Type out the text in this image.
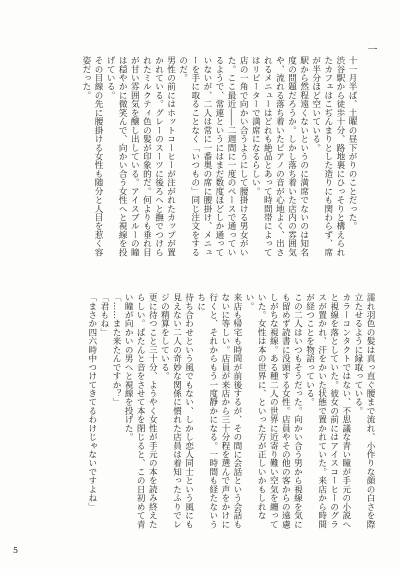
一

十一月半ば、土曜の昼下がりのことだった。

渋谷駅から徒歩十分、路地裏にひっそりと構えられたカフェはこぢんまりとした造りにも関わらず、席が半分ほど空いている。

駅から然程遠くないというのに満席でないのは知名度の問題だろうか。しかし落ち着いた店内の雰囲気や、流れる落ち着いたピアノの音が心地よく、出されるメニューはどれも絶品とあって時間帯によってはリピーターで満席になるらしい。

店の一角で向かい合うようにして腰掛ける男女がいた。ここ最近――二週間に一度のペースで通っているようで、常連というにはまだ数度ほどしか通っていないが、二人は常に一番奥の席に腰掛け、メニューを手に取ることなく「いつもの」同じ注文をするのだ。

男性の前にはホットコーヒーが注がれたカップが置かれている。グレーのスーツに後ろへと撫でつけられたミルクティ色の髪が印象的だ。何よりも垂れ目が甘い雰囲気を醸し出している。アイスブルーの瞳は穏やかに微笑んで、向かい合う女性へと視線を投げている。

その目線の先に腰掛ける女性も随分と人目を惹く容姿だった。

濡れ羽色の髪は真っ直ぐ腰まで流れ、小作りな顔の白さを際立たせるように縁取っている。

カラーコンタクトではない、不思議な青い瞳が手元の小説へと視線を落としていた。彼女の前にはアイスコーヒーのグラスが置かれ、汗をかいた状態で置かれていた。来店から時間が経つことを物語っている。

この二人はいつもそうだった。向かい合う男から視線を気にも留めず読書に没頭する女性。店員やその他の客からの遠慮しがちな視線。ある種二人の世界に近寄り難い空気を纏っていた。女性は本の世界に、といった方が正しいかもしれない。

来店も帰宅も時間が前後するが、その間に会話という会話もないに等しい。店員が来店から三十分程を選んで声をかけに行くと、それからもう一度静かになる。一時間も経たないうちに

待ち合わせという風でもない、しかし恋人同士という風にも見えない二人の奇妙な関係に慣れた店員は着知ったふりでレジの精算をしている。

更に待つこと三十分、ようやく女性が手元の本を読み終えたらしい。ぱたんと音をさせて本を閉じると、この日初めて青い瞳が向かいの男へと視線を投げた。

「……また来たんですか？」

「君もね」

「まさか四六時中つけてきてるわけじゃないですよね」

5
